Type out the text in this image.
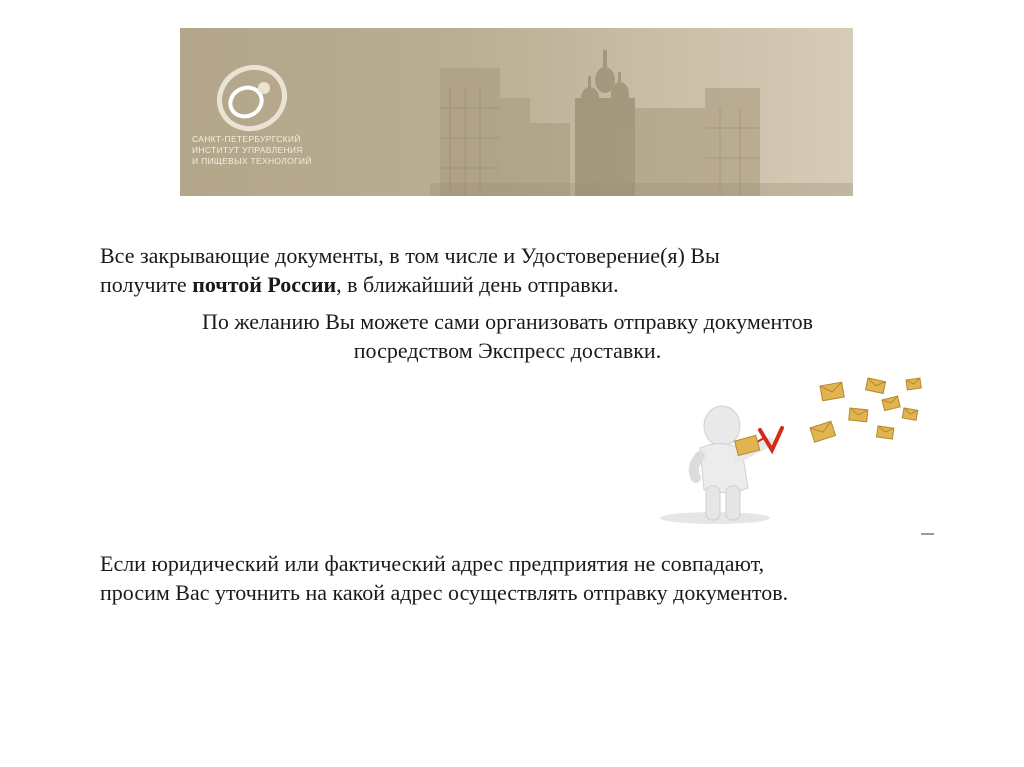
САНКТ-ПЕТЕРБУРГСКИЙ
ИНСТИТУТ УПРАВЛЕНИЯ
И ПИЩЕВЫХ ТЕХНОЛОГИЙ
Все закрывающие документы, в том числе и Удостоверение(я) Вы
получите почтой России, в ближайший день отправки.
По желанию Вы можете сами организовать отправку документов
посредством Экспресс доставки.
Если юридический или фактический адрес предприятия не совпадают,
просим Вас уточнить на какой адрес осуществлять отправку документов.
